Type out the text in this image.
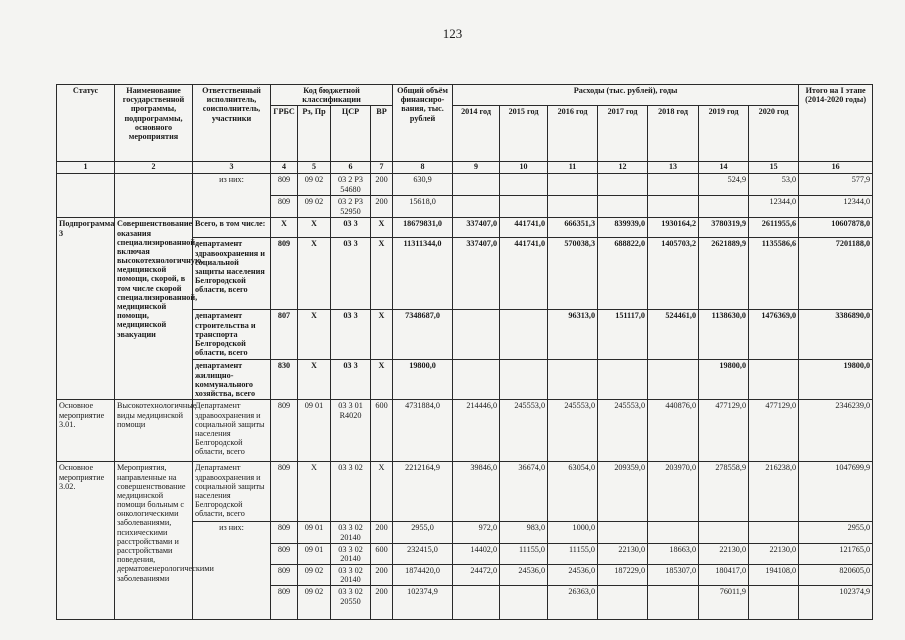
123
Статус	Наименование государственной программы, подпрограммы, основного мероприятия	Ответственный исполнитель, соисполнитель, участники	Код бюджетной классификации				Общий объём финансиро-вания, тыс. рублей	Расходы (тыс. рублей), годы							Итого на I этапе (2014-2020 годы)
			ГРБС	Рз, Пр	ЦСР	ВР		2014 год	2015 год	2016 год	2017 год	2018 год	2019 год	2020 год	
1	2	3	4	5	6	7	8	9	10	11	12	13	14	15	16
		из них:	809	09 02	03 2 Р3 54680	200	630,9						524,9	53,0	577,9
			809	09 02	03 2 Р3 52950	200	15618,0							12344,0	12344,0
Подпрограмма 3	Совершенствование оказания специализированной, включая высокотехнологичную, медицинской помощи, скорой, в том числе скорой специализированной, медицинской помощи, медицинской эвакуации	Всего, в том числе:	X	X	03 3	X	18679831,0	337407,0	441741,0	666351,3	839939,0	1930164,2	3780319,9	2611955,6	10607878,0
		департамент здравоохранения и социальной защиты населения Белгородской области, всего	809	X	03 3	X	11311344,0	337407,0	441741,0	570038,3	688822,0	1405703,2	2621889,9	1135586,6	7201188,0
		департамент строительства и транспорта Белгородской области, всего	807	X	03 3	X	7348687,0			96313,0	151117,0	524461,0	1138630,0	1476369,0	3386890,0
		департамент жилищно-коммунального хозяйства, всего	830	X	03 3	X	19800,0						19800,0		19800,0
Основное мероприятие 3.01.	Высокотехнологичные виды медицинской помощи	Департамент здравоохранения и социальной защиты населения Белгородской области, всего	809	09 01	03 3 01 R4020	600	4731884,0	214446,0	245553,0	245553,0	245553,0	440876,0	477129,0	477129,0	2346239,0
Основное мероприятие 3.02.	Мероприятия, направленные на совершенствование медицинской помощи больным с онкологическими заболеваниями, психическими расстройствами и расстройствами поведения, дерматовенерологическими заболеваниями	Департамент здравоохранения и социальной защиты населения Белгородской области, всего	809	X	03 3 02	X	2212164,9	39846,0	36674,0	63054,0	209359,0	203970,0	278558,9	216238,0	1047699,9
		из них:	809	09 01	03 3 02 20140	200	2955,0	972,0	983,0	1000,0					2955,0
			809	09 01	03 3 02 20140	600	232415,0	14402,0	11155,0	11155,0	22130,0	18663,0	22130,0	22130,0	121765,0
			809	09 02	03 3 02 20140	200	1874420,0	24472,0	24536,0	24536,0	187229,0	185307,0	180417,0	194108,0	820605,0
			809	09 02	03 3 02 20550	200	102374,9			26363,0			76011,9		102374,9
